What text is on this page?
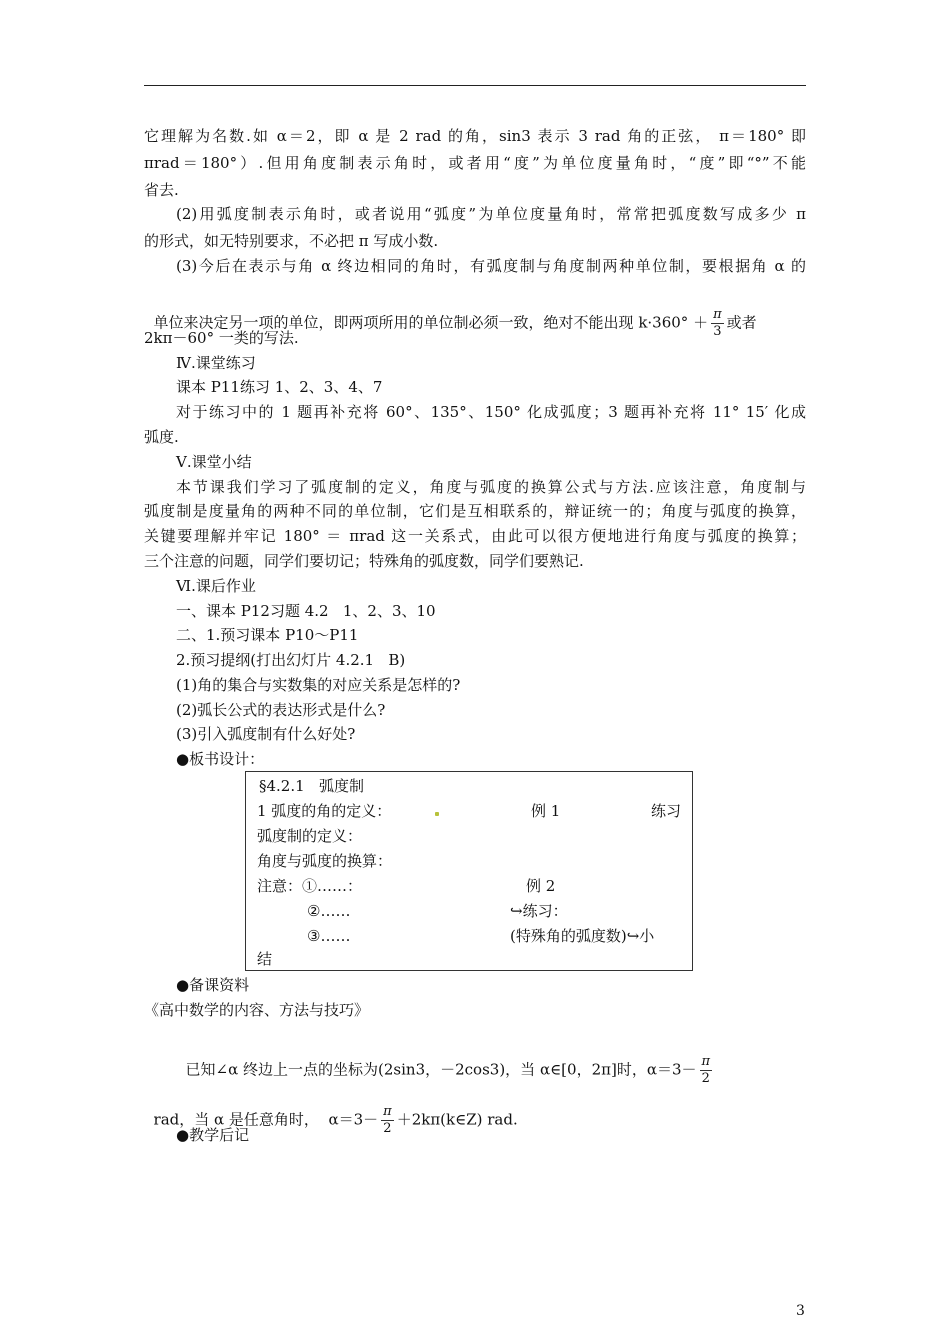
它理解为名数.如 α＝2，即 α 是 2 rad 的角，sin3 表示 3 rad 角的正弦， π＝180° 即
πrad＝180°）.但用角度制表示角时，或者用“度”为单位度量角时，“度”即“°”不能
省去.
(2)用弧度制表示角时，或者说用“弧度”为单位度量角时，常常把弧度数写成多少 π
的形式，如无特别要求，不必把 π 写成小数.
(3)今后在表示与角 α 终边相同的角时，有弧度制与角度制两种单位制，要根据角 α 的

单位来决定另一项的单位，即两项所用的单位制必须一致，绝对不能出现 $k\cdot 360^\circ + \frac{\pi}{3}$ 或者

2kπ－60° 一类的写法.
Ⅳ.课堂练习
课本 P11练习 1、2、3、4、7
对于练习中的 1 题再补充将 60°、135°、150° 化成弧度；3 题再补充将 11° 15′ 化成
弧度.
Ⅴ.课堂小结
本节课我们学习了弧度制的定义，角度与弧度的换算公式与方法.应该注意，角度制与
弧度制是度量角的两种不同的单位制，它们是互相联系的，辩证统一的；角度与弧度的换算，
关键要理解并牢记 180° ＝ πrad 这一关系式，由此可以很方便地进行角度与弧度的换算；
三个注意的问题，同学们要切记；特殊角的弧度数，同学们要熟记.
Ⅵ.课后作业
一、课本 P12习题 4.2   1、2、3、10
二、1.预习课本 P10～P11
2.预习提纲(打出幻灯片 4.2.1   B)
(1)角的集合与实数集的对应关系是怎样的?
(2)弧长公式的表达形式是什么?
(3)引入弧度制有什么好处?
●板书设计：
§4.2.1   弧度制
1 弧度的角的定义：	例 1	练习
弧度制的定义：
角度与弧度的换算：
注意：①……：	例 2
②……	↪练习：
③……	(特殊角的弧度数)↪小
结
●备课资料
《高中数学的内容、方法与技巧》

已知∠α 终边上一点的坐标为(2sin3，－2cos3)，当 α∈[0，2π]时，$\alpha=3- \frac{\pi}{2}$

rad，当 α 是任意角时，  $\alpha=3- \frac{\pi}{2}$ ＋2kπ(k∈Z) rad.

●教学后记
3
